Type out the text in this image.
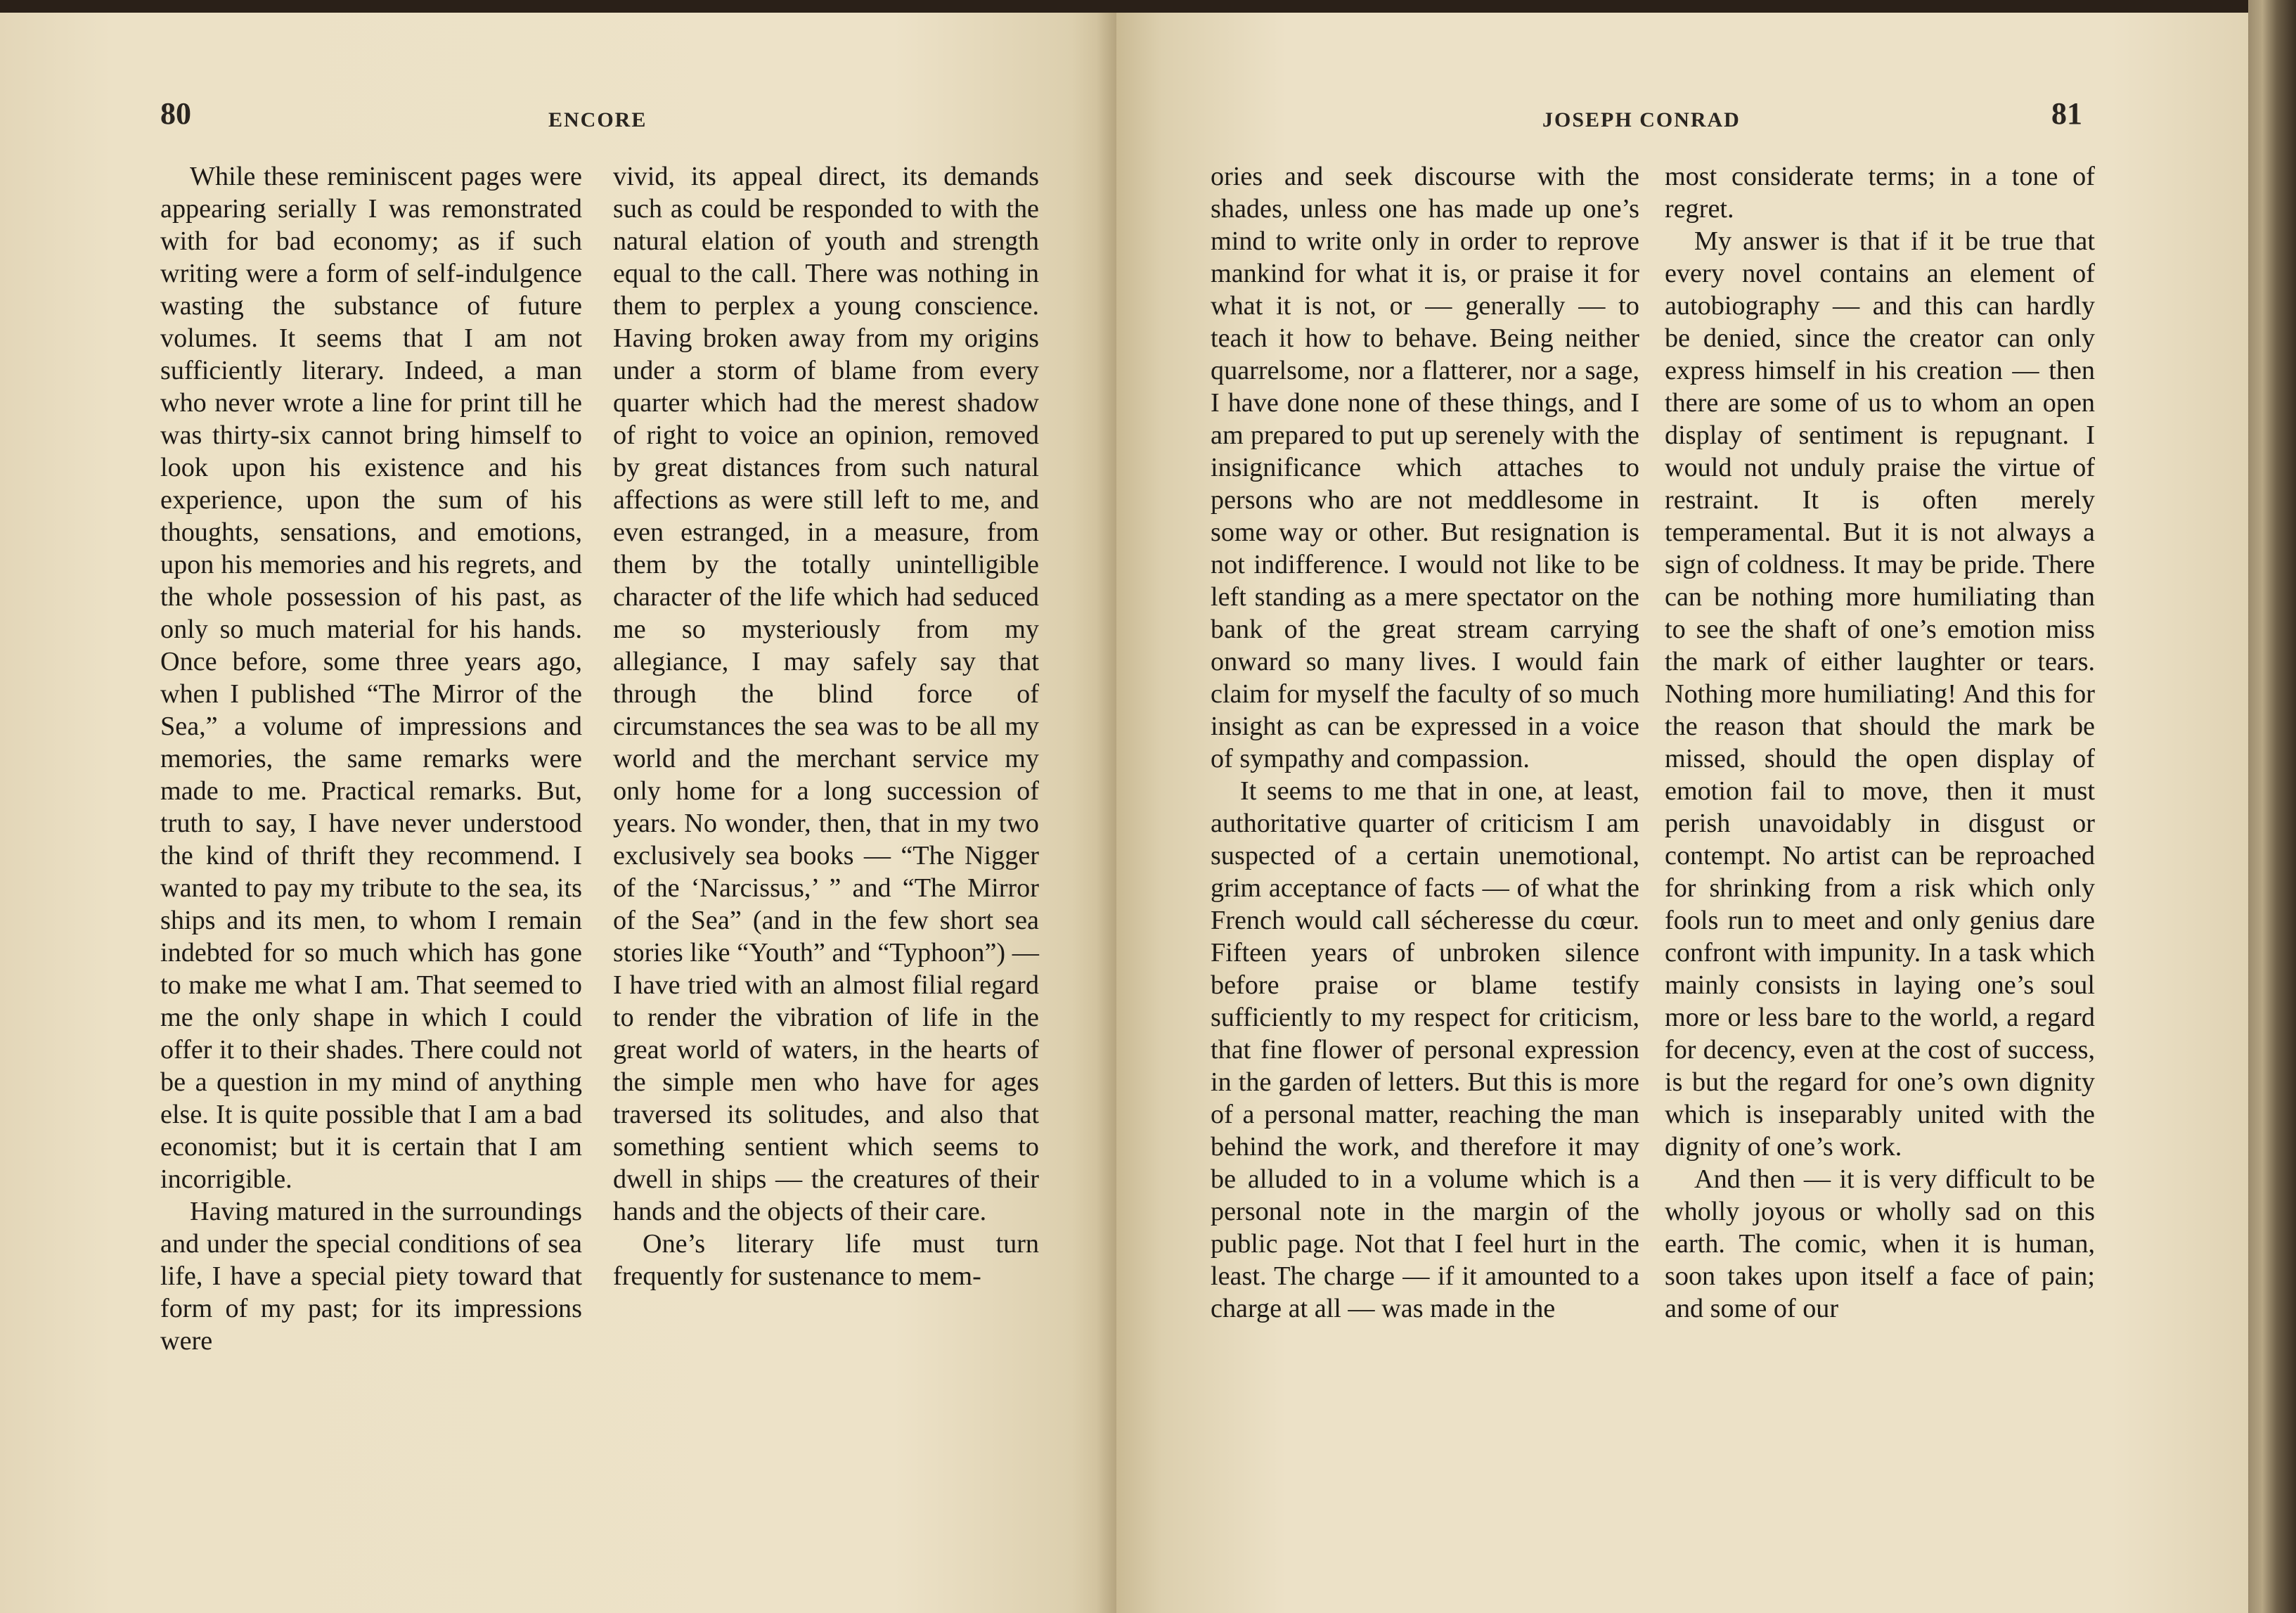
80	ENCORE

While these reminiscent pages were appearing serially I was remonstrated with for bad economy; as if such writing were a form of self-indulgence wasting the substance of future volumes. It seems that I am not sufficiently literary. Indeed, a man who never wrote a line for print till he was thirty-six cannot bring himself to look upon his existence and his experience, upon the sum of his thoughts, sensations, and emotions, upon his memories and his regrets, and the whole possession of his past, as only so much material for his hands. Once before, some three years ago, when I published “The Mirror of the Sea,” a volume of impressions and memories, the same remarks were made to me. Practical remarks. But, truth to say, I have never understood the kind of thrift they recommend. I wanted to pay my tribute to the sea, its ships and its men, to whom I remain indebted for so much which has gone to make me what I am. That seemed to me the only shape in which I could offer it to their shades. There could not be a question in my mind of anything else. It is quite possible that I am a bad economist; but it is certain that I am incorrigible.

Having matured in the surroundings and under the special conditions of sea life, I have a special piety toward that form of my past; for its impressions were

vivid, its appeal direct, its demands such as could be responded to with the natural elation of youth and strength equal to the call. There was nothing in them to perplex a young conscience. Having broken away from my origins under a storm of blame from every quarter which had the merest shadow of right to voice an opinion, removed by great distances from such natural affections as were still left to me, and even estranged, in a measure, from them by the totally unintelligible character of the life which had seduced me so mysteriously from my allegiance, I may safely say that through the blind force of circumstances the sea was to be all my world and the merchant service my only home for a long succession of years. No wonder, then, that in my two exclusively sea books — “The Nigger of the ‘Narcissus,’ ” and “The Mirror of the Sea” (and in the few short sea stories like “Youth” and “Typhoon”) — I have tried with an almost filial regard to render the vibration of life in the great world of waters, in the hearts of the simple men who have for ages traversed its solitudes, and also that something sentient which seems to dwell in ships — the creatures of their hands and the objects of their care.

One’s literary life must turn frequently for sustenance to mem-

JOSEPH CONRAD	81

ories and seek discourse with the shades, unless one has made up one’s mind to write only in order to reprove mankind for what it is, or praise it for what it is not, or — generally — to teach it how to behave. Being neither quarrelsome, nor a flatterer, nor a sage, I have done none of these things, and I am prepared to put up serenely with the insignificance which attaches to persons who are not meddlesome in some way or other. But resignation is not indifference. I would not like to be left standing as a mere spectator on the bank of the great stream carrying onward so many lives. I would fain claim for myself the faculty of so much insight as can be expressed in a voice of sympathy and compassion.

It seems to me that in one, at least, authoritative quarter of criticism I am suspected of a certain unemotional, grim acceptance of facts — of what the French would call sécheresse du cœur. Fifteen years of unbroken silence before praise or blame testify sufficiently to my respect for criticism, that fine flower of personal expression in the garden of letters. But this is more of a personal matter, reaching the man behind the work, and therefore it may be alluded to in a volume which is a personal note in the margin of the public page. Not that I feel hurt in the least. The charge — if it amounted to a charge at all — was made in the

most considerate terms; in a tone of regret.

My answer is that if it be true that every novel contains an element of autobiography — and this can hardly be denied, since the creator can only express himself in his creation — then there are some of us to whom an open display of sentiment is repugnant. I would not unduly praise the virtue of restraint. It is often merely temperamental. But it is not always a sign of coldness. It may be pride. There can be nothing more humiliating than to see the shaft of one’s emotion miss the mark of either laughter or tears. Nothing more humiliating! And this for the reason that should the mark be missed, should the open display of emotion fail to move, then it must perish unavoidably in disgust or contempt. No artist can be reproached for shrinking from a risk which only fools run to meet and only genius dare confront with impunity. In a task which mainly consists in laying one’s soul more or less bare to the world, a regard for decency, even at the cost of success, is but the regard for one’s own dignity which is inseparably united with the dignity of one’s work.

And then — it is very difficult to be wholly joyous or wholly sad on this earth. The comic, when it is human, soon takes upon itself a face of pain; and some of our
